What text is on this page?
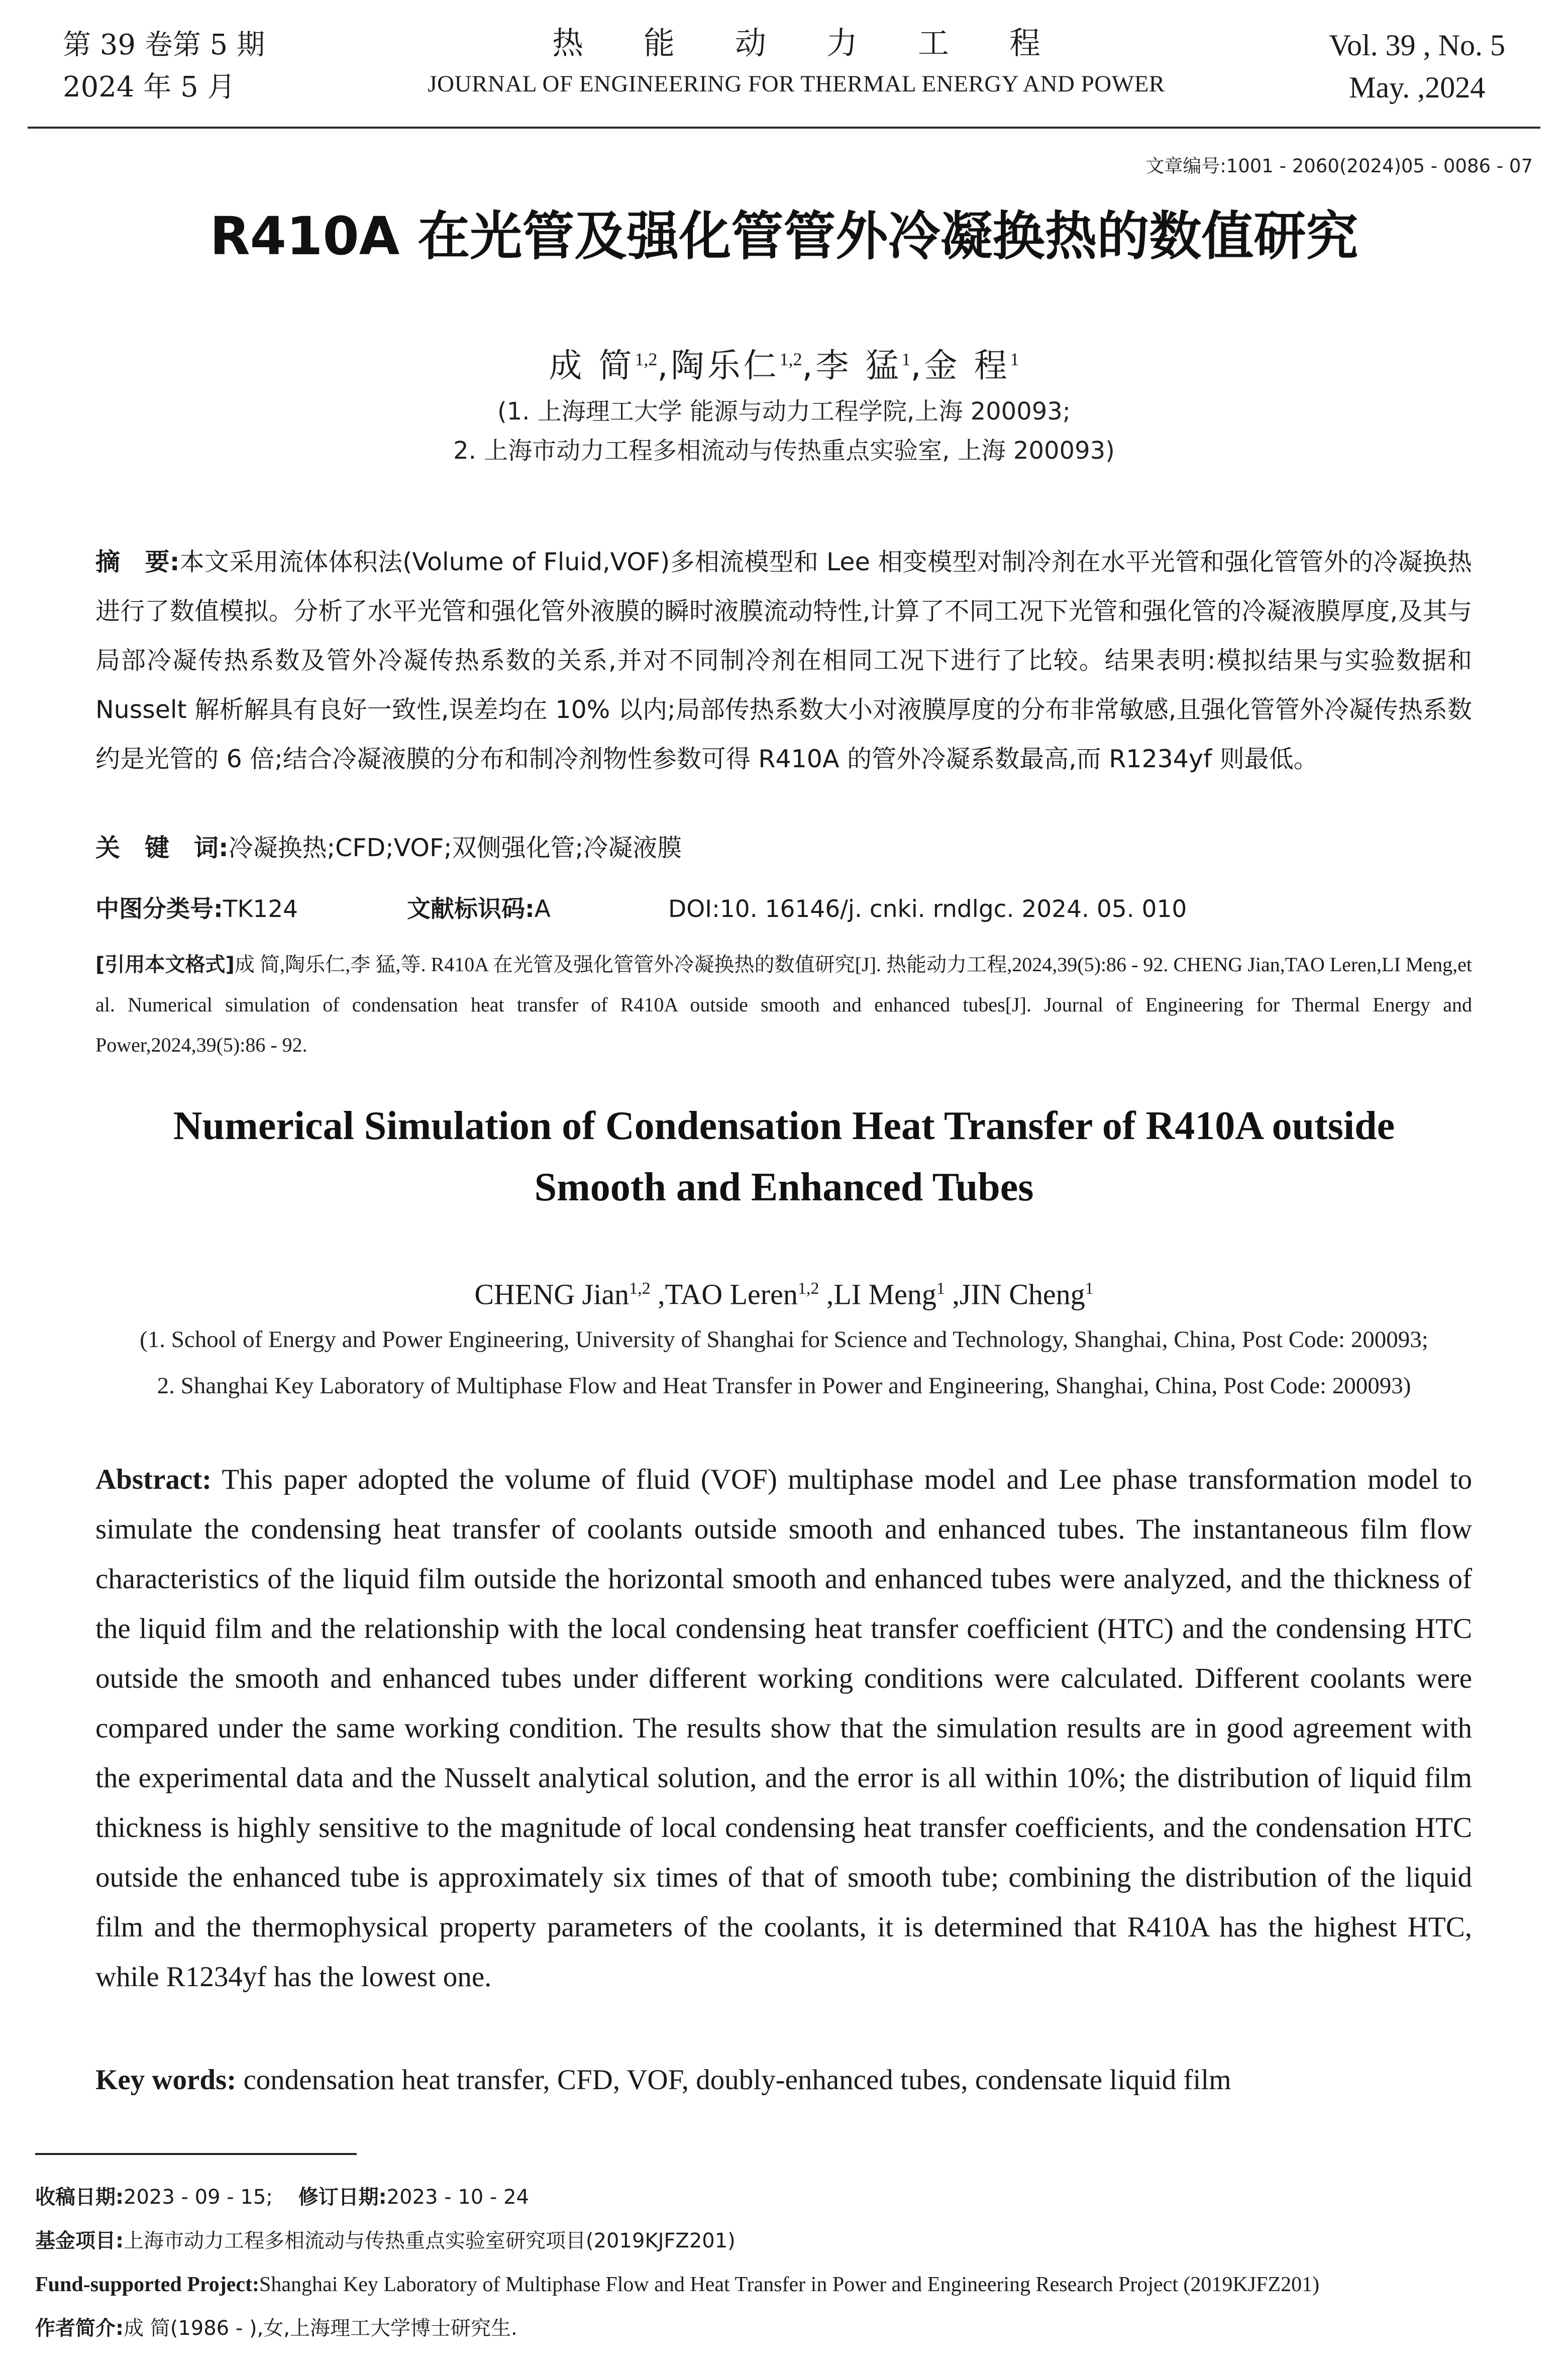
第 39 卷第 5 期
2024 年 5 月
热能动力工程
JOURNAL OF ENGINEERING FOR THERMAL ENERGY AND POWER
Vol. 39 , No. 5
May. ,2024
文章编号:1001 - 2060(2024)05 - 0086 - 07
R410A 在光管及强化管管外冷凝换热的数值研究
成 简$^{1,2}$,陶乐仁$^{1,2}$,李 猛$^1$,金 程$^1$
(1. 上海理工大学 能源与动力工程学院,上海 200093;
2. 上海市动力工程多相流动与传热重点实验室, 上海 200093)
摘　要:本文采用流体体积法(Volume of Fluid,VOF)多相流模型和 Lee 相变模型对制冷剂在水平光管和强化管管外的冷凝换热进行了数值模拟。分析了水平光管和强化管外液膜的瞬时液膜流动特性,计算了不同工况下光管和强化管的冷凝液膜厚度,及其与局部冷凝传热系数及管外冷凝传热系数的关系,并对不同制冷剂在相同工况下进行了比较。结果表明:模拟结果与实验数据和 Nusselt 解析解具有良好一致性,误差均在 10% 以内;局部传热系数大小对液膜厚度的分布非常敏感,且强化管管外冷凝传热系数约是光管的 6 倍;结合冷凝液膜的分布和制冷剂物性参数可得 R410A 的管外冷凝系数最高,而 R1234yf 则最低。
关　键　词:冷凝换热;CFD;VOF;双侧强化管;冷凝液膜
中图分类号:TK124	文献标识码:A	DOI:10. 16146/j. cnki. rndlgc. 2024. 05. 010
[引用本文格式]成 简,陶乐仁,李 猛,等. R410A 在光管及强化管管外冷凝换热的数值研究[J]. 热能动力工程,2024,39(5):86 - 92. CHENG Jian,TAO Leren,LI Meng,et al. Numerical simulation of condensation heat transfer of R410A outside smooth and enhanced tubes[J]. Journal of Engineering for Thermal Energy and Power,2024,39(5):86 - 92.
Numerical Simulation of Condensation Heat Transfer of R410A outside
Smooth and Enhanced Tubes
CHENG Jian$^{1,2}$ ,TAO Leren$^{1,2}$ ,LI Meng$^1$ ,JIN Cheng$^1$
(1. School of Energy and Power Engineering, University of Shanghai for Science and Technology, Shanghai, China, Post Code: 200093;
2. Shanghai Key Laboratory of Multiphase Flow and Heat Transfer in Power and Engineering, Shanghai, China, Post Code: 200093)
Abstract: This paper adopted the volume of fluid (VOF) multiphase model and Lee phase transformation model to simulate the condensing heat transfer of coolants outside smooth and enhanced tubes. The instantaneous film flow characteristics of the liquid film outside the horizontal smooth and enhanced tubes were analyzed, and the thickness of the liquid film and the relationship with the local condensing heat transfer coefficient (HTC) and the condensing HTC outside the smooth and enhanced tubes under different working conditions were calculated. Different coolants were compared under the same working condition. The results show that the simulation results are in good agreement with the experimental data and the Nusselt analytical solution, and the error is all within 10%; the distribution of liquid film thickness is highly sensitive to the magnitude of local condensing heat transfer coefficients, and the condensation HTC outside the enhanced tube is approximately six times of that of smooth tube; combining the distribution of the liquid film and the thermophysical property parameters of the coolants, it is determined that R410A has the highest HTC, while R1234yf has the lowest one.
Key words: condensation heat transfer, CFD, VOF, doubly-enhanced tubes, condensate liquid film
收稿日期:2023 - 09 - 15; 修订日期:2023 - 10 - 24
基金项目:上海市动力工程多相流动与传热重点实验室研究项目(2019KJFZ201)
Fund-supported Project:Shanghai Key Laboratory of Multiphase Flow and Heat Transfer in Power and Engineering Research Project (2019KJFZ201)
作者简介:成 简(1986 - ),女,上海理工大学博士研究生.
